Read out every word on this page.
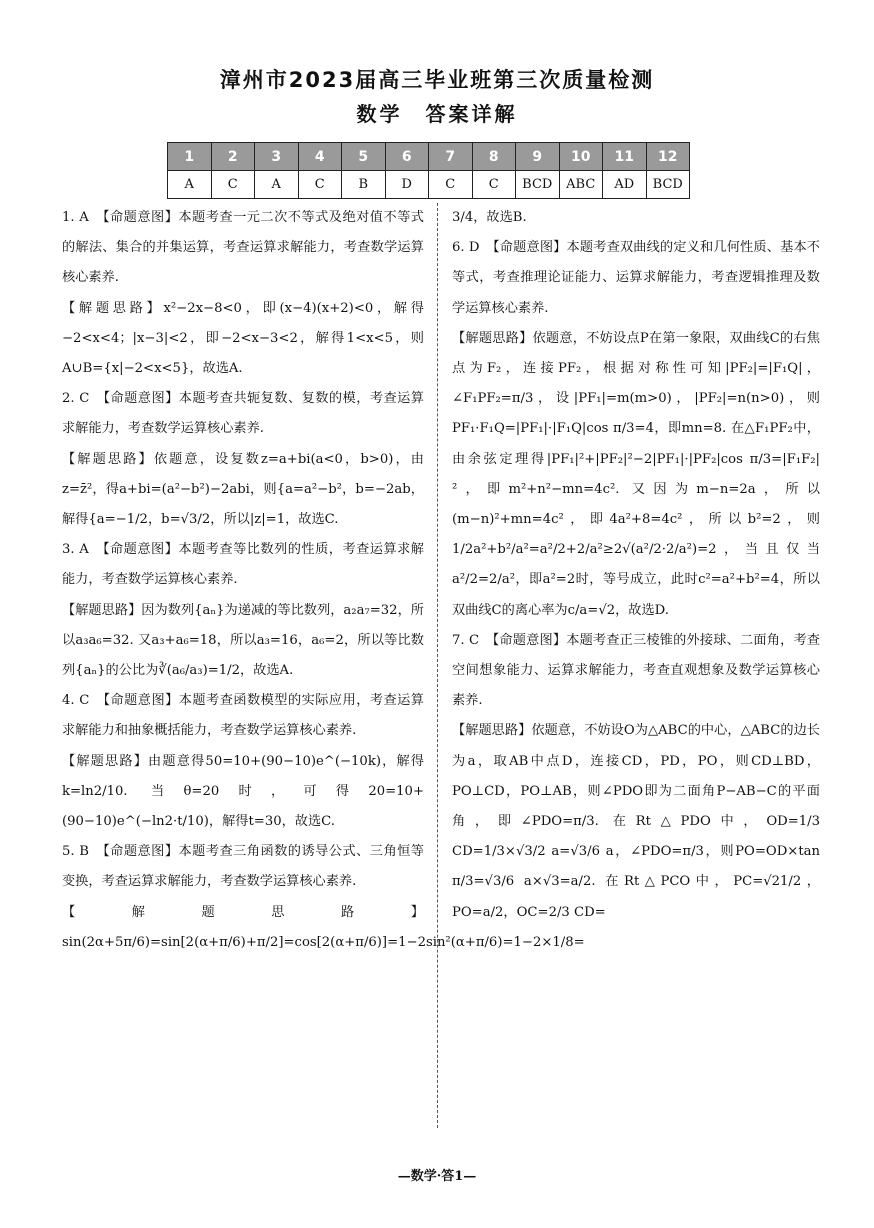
漳州市2023届高三毕业班第三次质量检测
数学　答案详解
1	2	3	4	5	6	7	8	9	10	11	12
A	C	A	C	B	D	C	C	BCD	ABC	AD	BCD

1. A　【命题意图】本题考查一元二次不等式及绝对值不等式的解法、集合的并集运算，考查运算求解能力，考查数学运算核心素养.

【解题思路】x²−2x−8<0，即(x−4)(x+2)<0，解得−2<x<4；|x−3|<2，即−2<x−3<2，解得1<x<5，则A∪B={x|−2<x<5}，故选A.

2. C　【命题意图】本题考查共轭复数、复数的模，考查运算求解能力，考查数学运算核心素养.

【解题思路】依题意，设复数z=a+bi(a<0，b>0)，由z=z̄²，得a+bi=(a²−b²)−2abi，则{a=a²−b²，b=−2ab，解得{a=−1/2，b=√3/2，所以|z|=1，故选C.

3. A　【命题意图】本题考查等比数列的性质，考查运算求解能力，考查数学运算核心素养.

【解题思路】因为数列{aₙ}为递减的等比数列，a₂a₇=32，所以a₃a₆=32. 又a₃+a₆=18，所以a₃=16，a₆=2，所以等比数列{aₙ}的公比为∛(a₆/a₃)=1/2，故选A.

4. C　【命题意图】本题考查函数模型的实际应用，考查运算求解能力和抽象概括能力，考查数学运算核心素养.

【解题思路】由题意得50=10+(90−10)e^(−10k)，解得k=ln2/10. 当θ=20时，可得20=10+(90−10)e^(−ln2·t/10)，解得t=30，故选C.

5. B　【命题意图】本题考查三角函数的诱导公式、三角恒等变换，考查运算求解能力，考查数学运算核心素养.

【解题思路】sin(2α+5π/6)=sin[2(α+π/6)+π/2]=cos[2(α+π/6)]=1−2sin²(α+π/6)=1−2×1/8=

3/4，故选B.

6. D　【命题意图】本题考查双曲线的定义和几何性质、基本不等式，考查推理论证能力、运算求解能力，考查逻辑推理及数学运算核心素养.

【解题思路】依题意，不妨设点P在第一象限，双曲线C的右焦点为F₂，连接PF₂，根据对称性可知|PF₂|=|F₁Q|，∠F₁PF₂=π/3，设|PF₁|=m(m>0)，|PF₂|=n(n>0)，则PF₁·F₁Q=|PF₁|·|F₁Q|cos π/3=4，即mn=8. 在△F₁PF₂中，由余弦定理得|PF₁|²+|PF₂|²−2|PF₁|·|PF₂|cos π/3=|F₁F₂|²，即m²+n²−mn=4c². 又因为m−n=2a，所以(m−n)²+mn=4c²，即4a²+8=4c²，所以b²=2，则1/2a²+b²/a²=a²/2+2/a²≥2√(a²/2·2/a²)=2，当且仅当a²/2=2/a²，即a²=2时，等号成立，此时c²=a²+b²=4，所以双曲线C的离心率为c/a=√2，故选D.

7. C　【命题意图】本题考查正三棱锥的外接球、二面角，考查空间想象能力、运算求解能力，考查直观想象及数学运算核心素养.

【解题思路】依题意，不妨设O为△ABC的中心，△ABC的边长为a，取AB中点D，连接CD，PD，PO，则CD⊥BD，PO⊥CD，PO⊥AB，则∠PDO即为二面角P−AB−C的平面角，即∠PDO=π/3. 在Rt△PDO中，OD=1/3 CD=1/3×√3/2 a=√3/6 a，∠PDO=π/3，则PO=OD×tan π/3=√3/6 a×√3=a/2. 在Rt△PCO中，PC=√21/2，PO=a/2，OC=2/3 CD=

—数学·答1—
